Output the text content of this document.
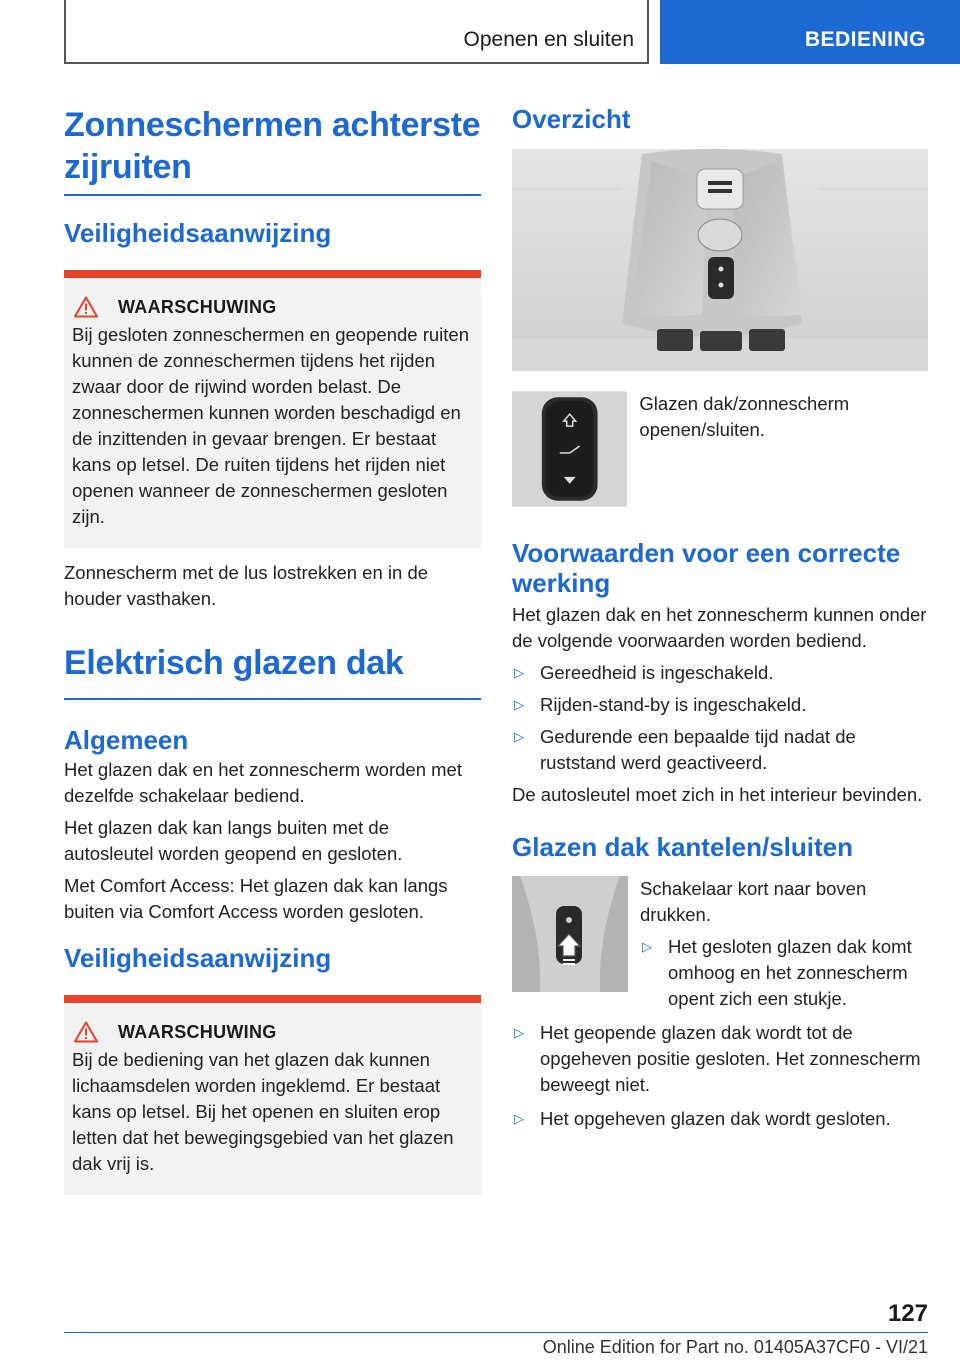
Openen en sluiten	BEDIENING
Zonneschermen achterste zijruiten
Veiligheidsaanwijzing
WAARSCHUWING
Bij gesloten zonneschermen en geopende ruiten kunnen de zonneschermen tijdens het rijden zwaar door de rijwind worden belast. De zonneschermen kunnen worden beschadigd en de inzittenden in gevaar brengen. Er bestaat kans op letsel. De ruiten tijdens het rijden niet openen wanneer de zonneschermen gesloten zijn.
Zonnescherm met de lus lostrekken en in de houder vasthaken.
Elektrisch glazen dak
Algemeen
Het glazen dak en het zonnescherm worden met dezelfde schakelaar bediend.
Het glazen dak kan langs buiten met de autosleutel worden geopend en gesloten.
Met Comfort Access: Het glazen dak kan langs buiten via Comfort Access worden gesloten.
Veiligheidsaanwijzing
WAARSCHUWING
Bij de bediening van het glazen dak kunnen lichaamsdelen worden ingeklemd. Er bestaat kans op letsel. Bij het openen en sluiten erop letten dat het bewegingsgebied van het glazen dak vrij is.
Overzicht
Glazen dak/zonnescherm openen/sluiten.
Voorwaarden voor een correcte werking
Het glazen dak en het zonnescherm kunnen onder de volgende voorwaarden worden bediend.
▷ Gereedheid is ingeschakeld.
▷ Rijden-stand-by is ingeschakeld.
▷ Gedurende een bepaalde tijd nadat de ruststand werd geactiveerd.
De autosleutel moet zich in het interieur bevinden.
Glazen dak kantelen/sluiten
Schakelaar kort naar boven drukken.
▷ Het gesloten glazen dak komt omhoog en het zonnescherm opent zich een stukje.
▷ Het geopende glazen dak wordt tot de opgeheven positie gesloten. Het zonnescherm beweegt niet.
▷ Het opgeheven glazen dak wordt gesloten.
127
Online Edition for Part no. 01405A37CF0 - VI/21
